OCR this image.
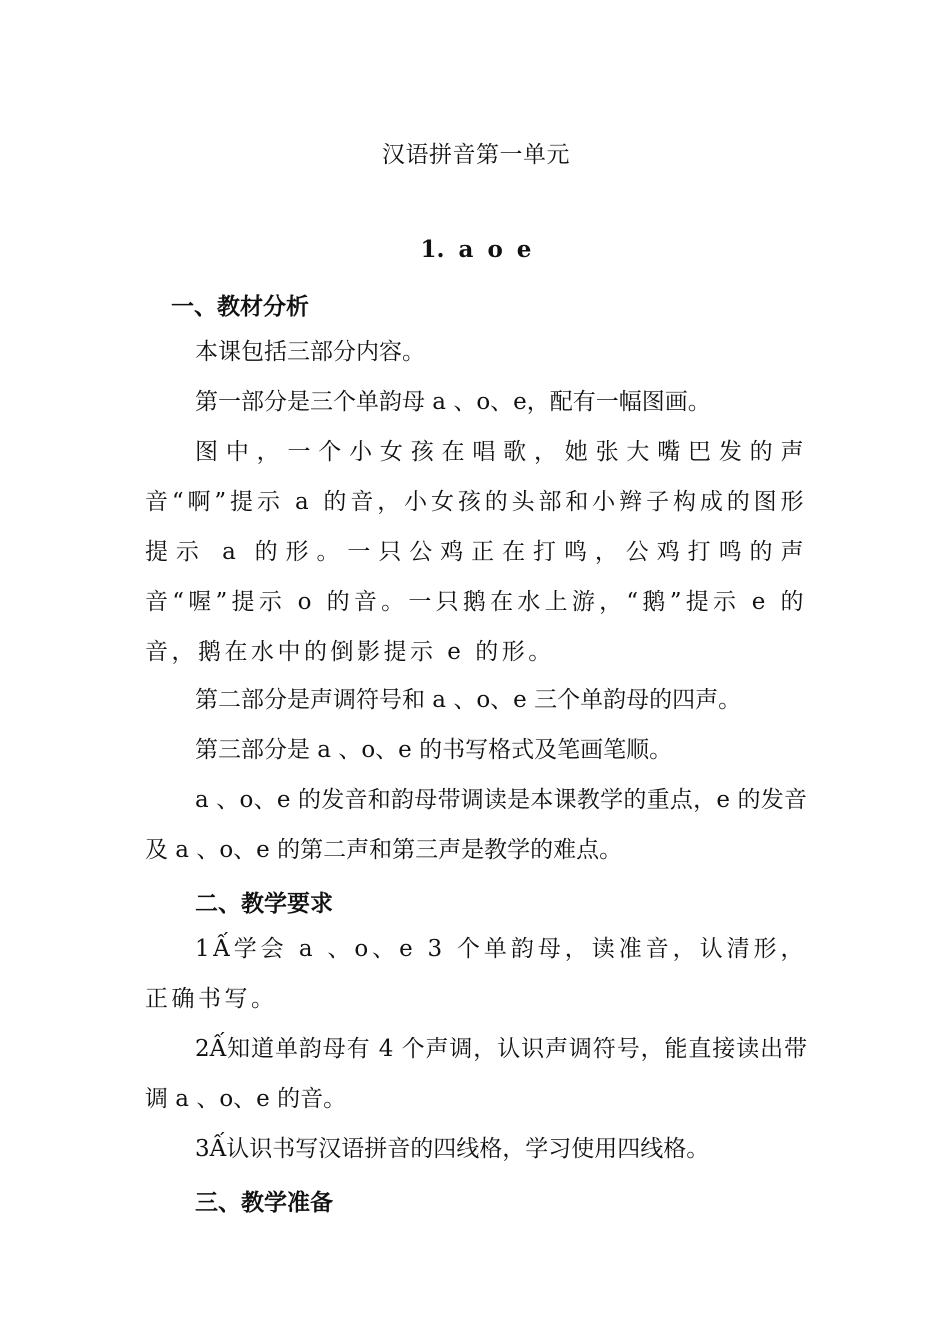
汉语拼音第一单元
1. a o e
一、教材分析
本课包括三部分内容。
第一部分是三个单韵母 a 、o、e，配有一幅图画。
图中，一个小女孩在唱歌，她张大嘴巴发的声音“啊”提示 a 的音，小女孩的头部和小辫子构成的图形提示 a 的形。一只公鸡正在打鸣，公鸡打鸣的声音“喔”提示 o 的音。一只鹅在水上游，“鹅”提示 e 的音，鹅在水中的倒影提示 e 的形。
第二部分是声调符号和 a 、o、e 三个单韵母的四声。
第三部分是 a 、o、e 的书写格式及笔画笔顺。
a 、o、e 的发音和韵母带调读是本课教学的重点，e 的发音及 a 、o、e 的第二声和第三声是教学的难点。
二、教学要求
1Ấ学会 a 、o、e 3 个单韵母，读准音，认清形，正确书写。
2Ấ知道单韵母有 4 个声调，认识声调符号，能直接读出带调 a 、o、e 的音。
3Ấ认识书写汉语拼音的四线格，学习使用四线格。
三、教学准备
